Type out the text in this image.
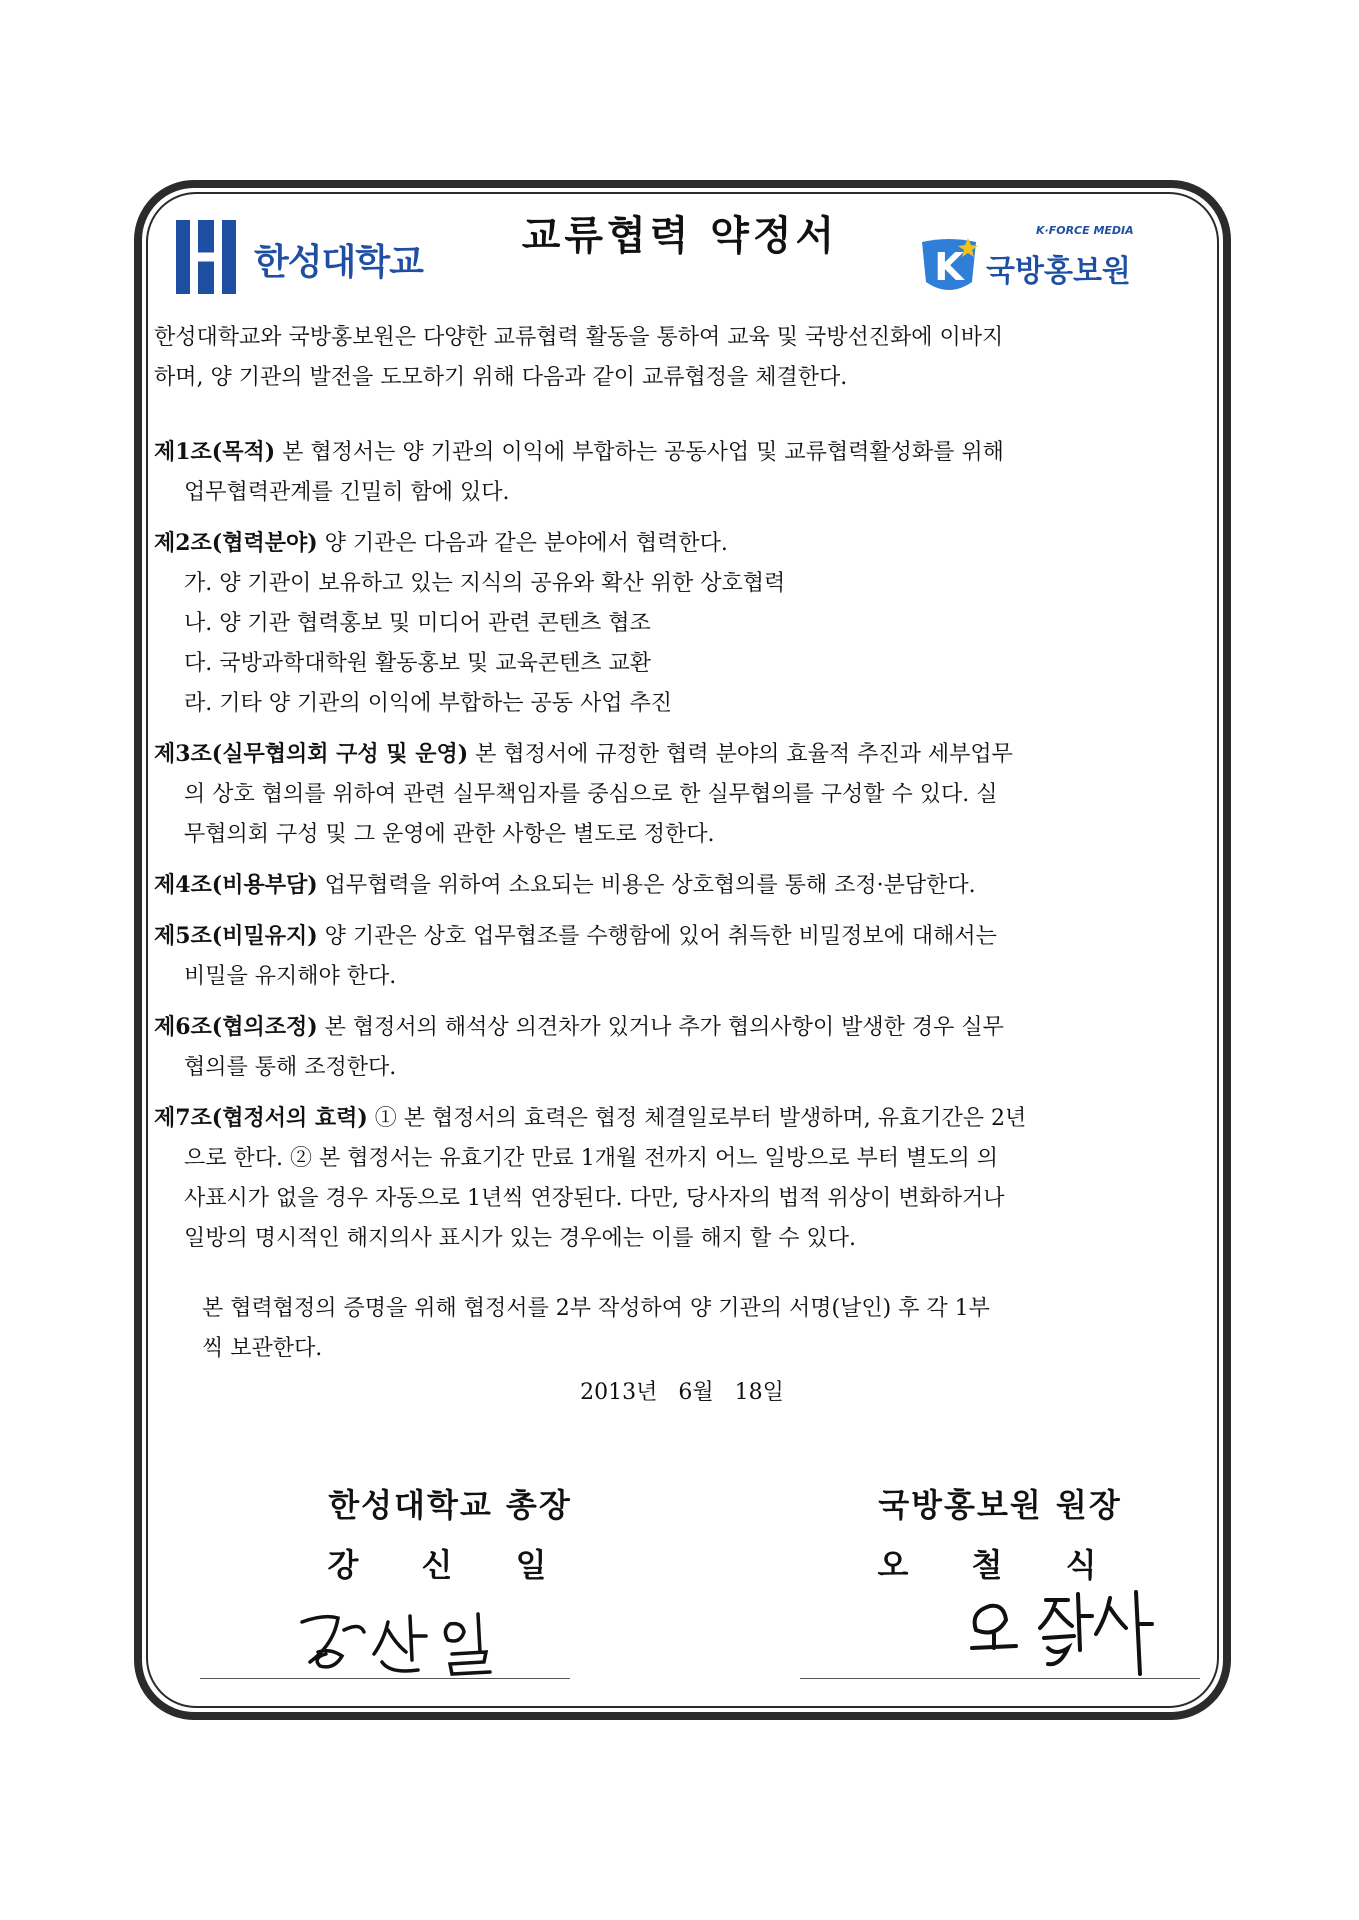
한성대학교
교류협력 약정서
K
K·FORCE MEDIA
국방홍보원
한성대학교와 국방홍보원은 다양한 교류협력 활동을 통하여 교육 및 국방선진화에 이바지
하며, 양 기관의 발전을 도모하기 위해 다음과 같이 교류협정을 체결한다.
제1조(목적) 본 협정서는 양 기관의 이익에 부합하는 공동사업 및 교류협력활성화를 위해
업무협력관계를 긴밀히 함에 있다.
제2조(협력분야) 양 기관은 다음과 같은 분야에서 협력한다.
가. 양 기관이 보유하고 있는 지식의 공유와 확산 위한 상호협력
나. 양 기관 협력홍보 및 미디어 관련 콘텐츠 협조
다. 국방과학대학원 활동홍보 및 교육콘텐츠 교환
라. 기타 양 기관의 이익에 부합하는 공동 사업 추진
제3조(실무협의회 구성 및 운영) 본 협정서에 규정한 협력 분야의 효율적 추진과 세부업무
의 상호 협의를 위하여 관련 실무책임자를 중심으로 한 실무협의를 구성할 수 있다. 실
무협의회 구성 및 그 운영에 관한 사항은 별도로 정한다.
제4조(비용부담) 업무협력을 위하여 소요되는 비용은 상호협의를 통해 조정·분담한다.
제5조(비밀유지) 양 기관은 상호 업무협조를 수행함에 있어 취득한 비밀정보에 대해서는
비밀을 유지해야 한다.
제6조(협의조정) 본 협정서의 해석상 의견차가 있거나 추가 협의사항이 발생한 경우 실무
협의를 통해 조정한다.
제7조(협정서의 효력) ① 본 협정서의 효력은 협정 체결일로부터 발생하며, 유효기간은 2년
으로 한다. ② 본 협정서는 유효기간 만료 1개월 전까지 어느 일방으로 부터 별도의 의
사표시가 없을 경우 자동으로 1년씩 연장된다. 다만, 당사자의 법적 위상이 변화하거나
일방의 명시적인 해지의사 표시가 있는 경우에는 이를 해지 할 수 있다.
본 협력협정의 증명을 위해 협정서를 2부 작성하여 양 기관의 서명(날인) 후 각 1부
씩 보관한다.
2013년   6월   18일
한성대학교 총장
강 신 일
국방홍보원 원장
오 철 식
